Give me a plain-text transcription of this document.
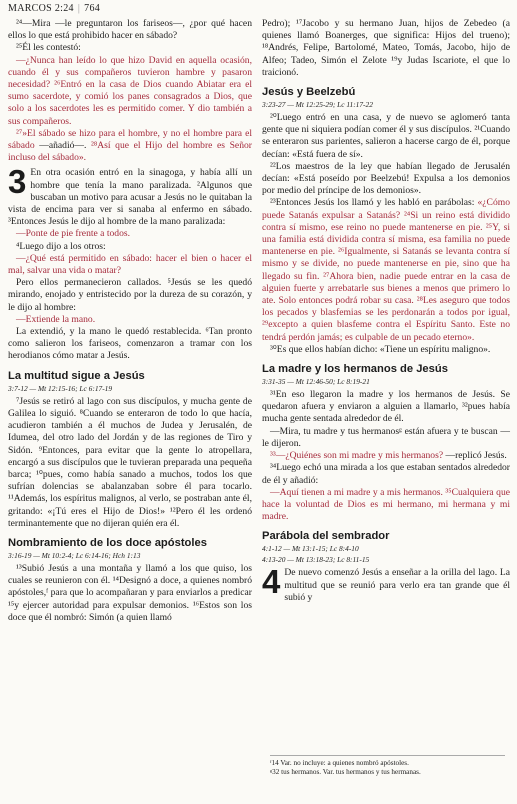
MARCOS 2:24 | 764

²⁴—Mira —le preguntaron los fariseos—, ¿por qué hacen ellos lo que está prohibido hacer en sábado?

²⁵Él les contestó:

—¿Nunca han leído lo que hizo David en aquella ocasión, cuando él y sus compañeros tuvieron hambre y pasaron necesidad? ²⁶Entró en la casa de Dios cuando Abiatar era el sumo sacerdote, y comió los panes consagrados a Dios, que solo a los sacerdotes les es permitido comer. Y dio también a sus compañeros.

²⁷»El sábado se hizo para el hombre, y no el hombre para el sábado —añadió—. ²⁸Así que el Hijo del hombre es Señor incluso del sábado».

3 En otra ocasión entró en la sinagoga, y había allí un hombre que tenía la mano paralizada. ²Algunos que buscaban un motivo para acusar a Jesús no le quitaban la vista de encima para ver si sanaba al enfermo en sábado. ³Entonces Jesús le dijo al hombre de la mano paralizada:

—Ponte de pie frente a todos.

⁴Luego dijo a los otros:

—¿Qué está permitido en sábado: hacer el bien o hacer el mal, salvar una vida o matar?

Pero ellos permanecieron callados. ⁵Jesús se les quedó mirando, enojado y entristecido por la dureza de su corazón, y le dijo al hombre:

—Extiende la mano.

La extendió, y la mano le quedó restablecida. ⁶Tan pronto como salieron los fariseos, comenzaron a tramar con los herodianos cómo matar a Jesús.

La multitud sigue a Jesús
3:7-12 — Mt 12:15-16; Lc 6:17-19

⁷Jesús se retiró al lago con sus discípulos, y mucha gente de Galilea lo siguió. ⁸Cuando se enteraron de todo lo que hacía, acudieron también a él muchos de Judea y Jerusalén, de Idumea, del otro lado del Jordán y de las regiones de Tiro y Sidón. ⁹Entonces, para evitar que la gente lo atropellara, encargó a sus discípulos que le tuvieran preparada una pequeña barca; ¹⁰pues, como había sanado a muchos, todos los que sufrían dolencias se abalanzaban sobre él para tocarlo. ¹¹Además, los espíritus malignos, al verlo, se postraban ante él, gritando: «¡Tú eres el Hijo de Dios!» ¹²Pero él les ordenó terminantemente que no dijeran quién era él.

Nombramiento de los doce apóstoles
3:16-19 — Mt 10:2-4; Lc 6:14-16; Hch 1:13

¹³Subió Jesús a una montaña y llamó a los que quiso, los cuales se reunieron con él. ¹⁴Designó a doce, a quienes nombró apóstoles,ᶠ para que lo acompañaran y para enviarlos a predicar ¹⁵y ejercer autoridad para expulsar demonios. ¹⁶Estos son los doce que él nombró: Simón (a quien llamó

Pedro); ¹⁷Jacobo y su hermano Juan, hijos de Zebedeo (a quienes llamó Boanerges, que significa: Hijos del trueno); ¹⁸Andrés, Felipe, Bartolomé, Mateo, Tomás, Jacobo, hijo de Alfeo; Tadeo, Simón el Zelote ¹⁹y Judas Iscariote, el que lo traicionó.

Jesús y Beelzebú
3:23-27 — Mt 12:25-29; Lc 11:17-22

²⁰Luego entró en una casa, y de nuevo se aglomeró tanta gente que ni siquiera podían comer él y sus discípulos. ²¹Cuando se enteraron sus parientes, salieron a hacerse cargo de él, porque decían: «Está fuera de sí».

²²Los maestros de la ley que habían llegado de Jerusalén decían: «Está poseído por Beelzebú! Expulsa a los demonios por medio del príncipe de los demonios».

²³Entonces Jesús los llamó y les habló en parábolas: «¿Cómo puede Satanás expulsar a Satanás? ²⁴Si un reino está dividido contra sí mismo, ese reino no puede mantenerse en pie. ²⁵Y, si una familia está dividida contra sí misma, esa familia no puede mantenerse en pie. ²⁶Igualmente, si Satanás se levanta contra sí mismo y se divide, no puede mantenerse en pie, sino que ha llegado su fin. ²⁷Ahora bien, nadie puede entrar en la casa de alguien fuerte y arrebatarle sus bienes a menos que primero lo ate. Solo entonces podrá robar su casa. ²⁸Les aseguro que todos los pecados y blasfemias se les perdonarán a todos por igual, ²⁹excepto a quien blasfeme contra el Espíritu Santo. Este no tendrá perdón jamás; es culpable de un pecado eterno».

³⁰Es que ellos habían dicho: «Tiene un espíritu maligno».

La madre y los hermanos de Jesús
3:31-35 — Mt 12:46-50; Lc 8:19-21

³¹En eso llegaron la madre y los hermanos de Jesús. Se quedaron afuera y enviaron a alguien a llamarlo, ³²pues había mucha gente sentada alrededor de él.

—Mira, tu madre y tus hermanosᵍ están afuera y te buscan —le dijeron.

³³—¿Quiénes son mi madre y mis hermanos? —replicó Jesús.

³⁴Luego echó una mirada a los que estaban sentados alrededor de él y añadió:

—Aquí tienen a mi madre y a mis hermanos. ³⁵Cualquiera que hace la voluntad de Dios es mi hermano, mi hermana y mi madre.

Parábola del sembrador
4:1-12 — Mt 13:1-15; Lc 8:4-10
4:13-20 — Mt 13:18-23; Lc 8:11-15

4 De nuevo comenzó Jesús a enseñar a la orilla del lago. La multitud que se reunió para verlo era tan grande que él subió y

ᶠ14 Var. no incluye: a quienes nombró apóstoles.
ᵍ32 tus hermanos. Var. tus hermanos y tus hermanas.
